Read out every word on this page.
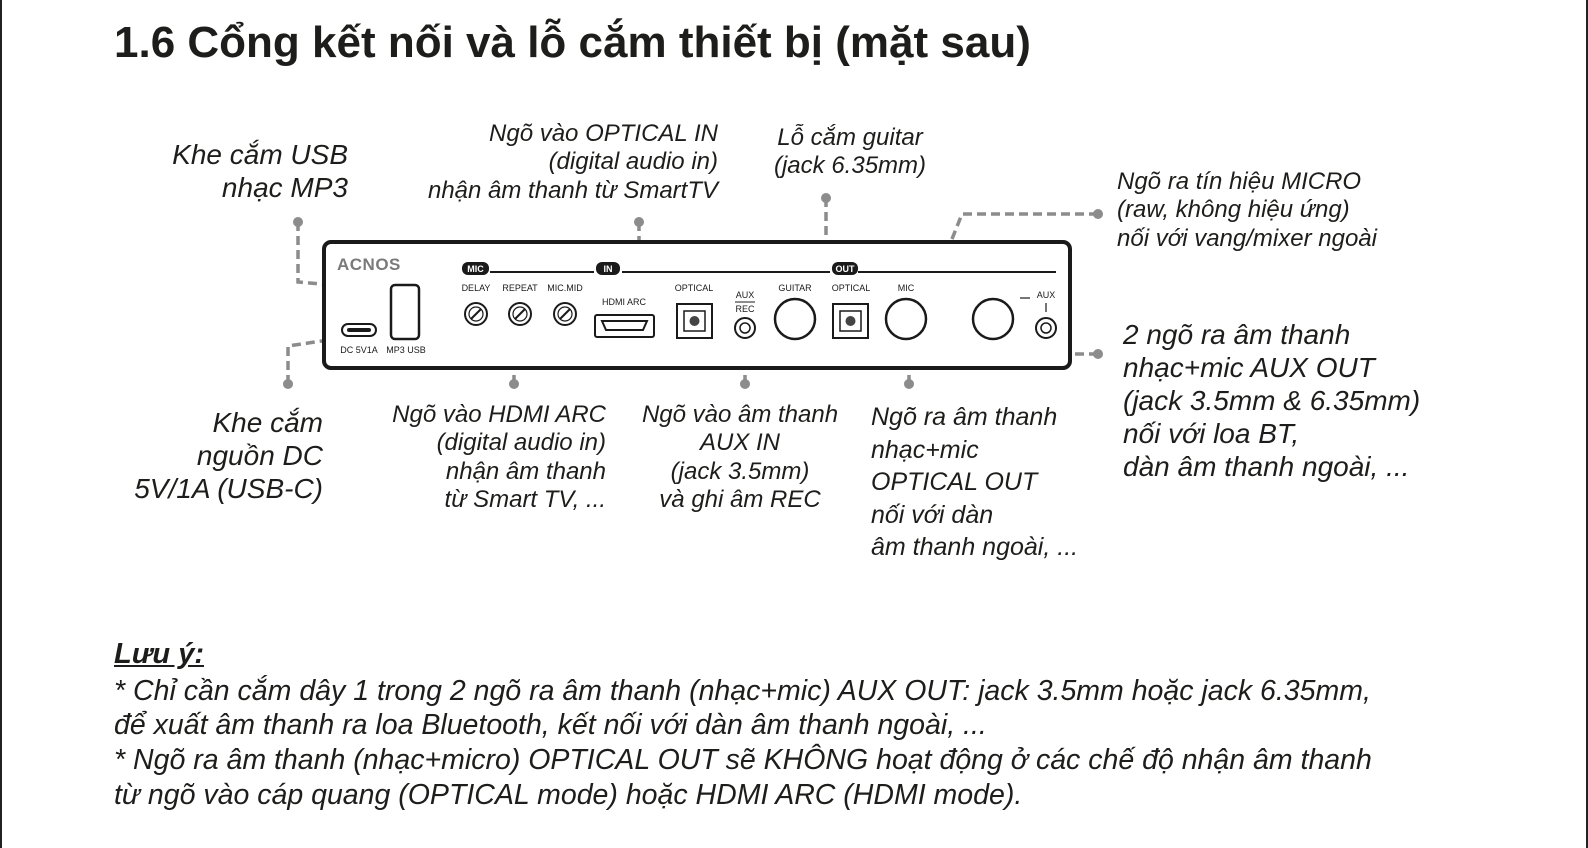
1.6 Cổng kết nối và lỗ cắm thiết bị (mặt sau)
Khe cắm USB
nhạc MP3
Ngõ vào OPTICAL IN
(digital audio in)
nhận âm thanh từ SmartTV
Lỗ cắm guitar
(jack 6.35mm)
Ngõ ra tín hiệu MICRO
(raw, không hiệu ứng)
nối với vang/mixer ngoài
2 ngõ ra âm thanh
nhạc+mic AUX OUT
(jack 3.5mm & 6.35mm)
nối với loa BT,
dàn âm thanh ngoài, ...
Khe cắm
nguồn DC
5V/1A (USB-C)
Ngõ vào HDMI ARC
(digital audio in)
nhận âm thanh
từ Smart TV, ...
Ngõ vào âm thanh
AUX IN
(jack 3.5mm)
và ghi âm REC
Ngõ ra âm thanh
nhạc+mic
OPTICAL OUT
nối với dàn
âm thanh ngoài, ...
ACNOS	MIC	IN	OUT
DELAY REPEAT MIC.MID
HDMI ARC
OPTICAL
AUX
REC
GUITAR OPTICAL	MIC
AUX
DC 5V1A MP3 USB
Lưu ý:
* Chỉ cần cắm dây 1 trong 2 ngõ ra âm thanh (nhạc+mic) AUX OUT: jack 3.5mm hoặc jack 6.35mm,
để xuất âm thanh ra loa Bluetooth, kết nối với dàn âm thanh ngoài, ...
* Ngõ ra âm thanh (nhạc+micro) OPTICAL OUT sẽ KHÔNG hoạt động ở các chế độ nhận âm thanh
từ ngõ vào cáp quang (OPTICAL mode) hoặc HDMI ARC (HDMI mode).
